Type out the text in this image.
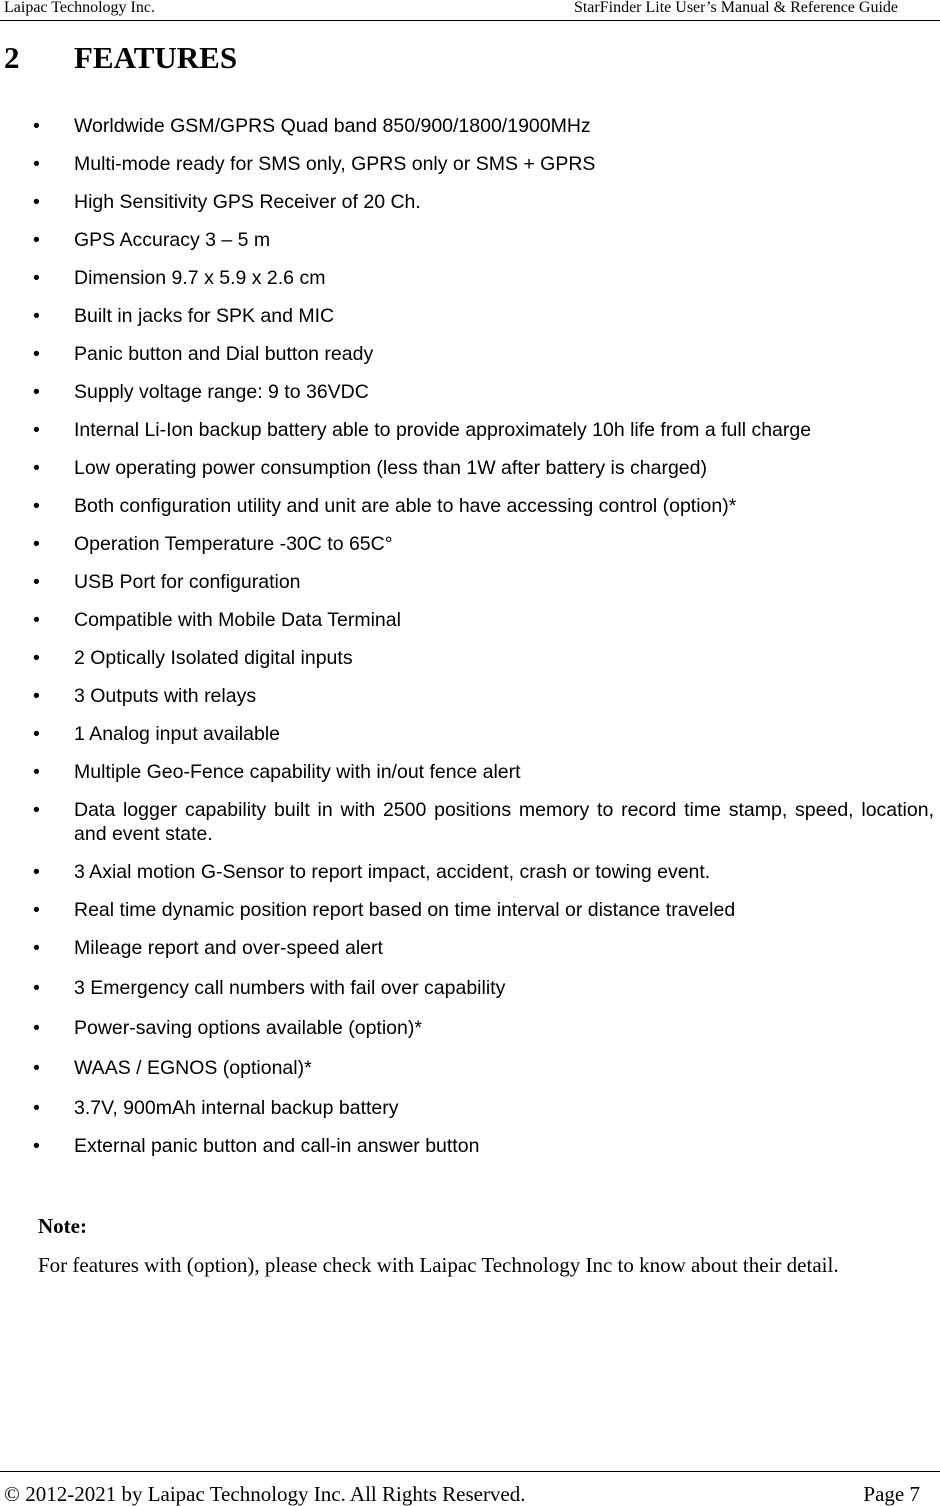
Laipac Technology Inc.	StarFinder Lite User’s Manual & Reference Guide
2 FEATURES
• Worldwide GSM/GPRS Quad band 850/900/1800/1900MHz
• Multi-mode ready for SMS only, GPRS only or SMS + GPRS
• High Sensitivity GPS Receiver of 20 Ch.
• GPS Accuracy 3 – 5 m
• Dimension 9.7 x 5.9 x 2.6 cm
• Built in jacks for SPK and MIC
• Panic button and Dial button ready
• Supply voltage range: 9 to 36VDC
• Internal Li-Ion backup battery able to provide approximately 10h life from a full charge
• Low operating power consumption (less than 1W after battery is charged)
• Both configuration utility and unit are able to have accessing control (option)*
• Operation Temperature -30C to 65C°
• USB Port for configuration
• Compatible with Mobile Data Terminal
• 2 Optically Isolated digital inputs
• 3 Outputs with relays
• 1 Analog input available
• Multiple Geo-Fence capability with in/out fence alert
• Data logger capability built in with 2500 positions memory to record time stamp, speed, location, and event state.
• 3 Axial motion G-Sensor to report impact, accident, crash or towing event.
• Real time dynamic position report based on time interval or distance traveled
• Mileage report and over-speed alert
• 3 Emergency call numbers with fail over capability
• Power-saving options available (option)*
• WAAS / EGNOS (optional)*
• 3.7V, 900mAh internal backup battery
• External panic button and call-in answer button
Note:
For features with (option), please check with Laipac Technology Inc to know about their detail.
© 2012-2021 by Laipac Technology Inc. All Rights Reserved.	Page 7
